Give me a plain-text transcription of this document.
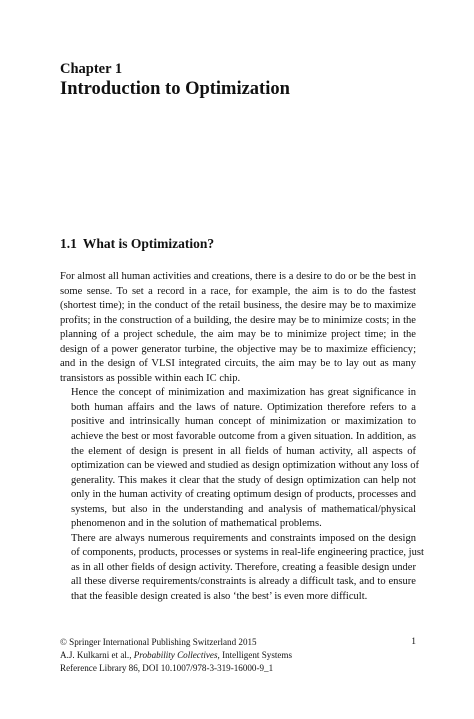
Chapter 1
Introduction to Optimization
1.1 What is Optimization?

For almost all human activities and creations, there is a desire to do or be the best in
some sense. To set a record in a race, for example, the aim is to do the fastest
(shortest time); in the conduct of the retail business, the desire may be to maximize
profits; in the construction of a building, the desire may be to minimize costs; in the
planning of a project schedule, the aim may be to minimize project time; in the
design of a power generator turbine, the objective may be to maximize efficiency;
and in the design of VLSI integrated circuits, the aim may be to lay out as many
transistors as possible within each IC chip.

Hence the concept of minimization and maximization has great significance in
both human affairs and the laws of nature. Optimization therefore refers to a
positive and intrinsically human concept of minimization or maximization to
achieve the best or most favorable outcome from a given situation. In addition, as
the element of design is present in all fields of human activity, all aspects of
optimization can be viewed and studied as design optimization without any loss of
generality. This makes it clear that the study of design optimization can help not
only in the human activity of creating optimum design of products, processes and
systems, but also in the understanding and analysis of mathematical/physical
phenomenon and in the solution of mathematical problems.

There are always numerous requirements and constraints imposed on the design
of components, products, processes or systems in real-life engineering practice, just
as in all other fields of design activity. Therefore, creating a feasible design under
all these diverse requirements/constraints is already a difficult task, and to ensure
that the feasible design created is also ‘the best’ is even more difficult.

© Springer International Publishing Switzerland 2015
A.J. Kulkarni et al., Probability Collectives, Intelligent Systems
Reference Library 86, DOI 10.1007/978-3-319-16000-9_1
1
